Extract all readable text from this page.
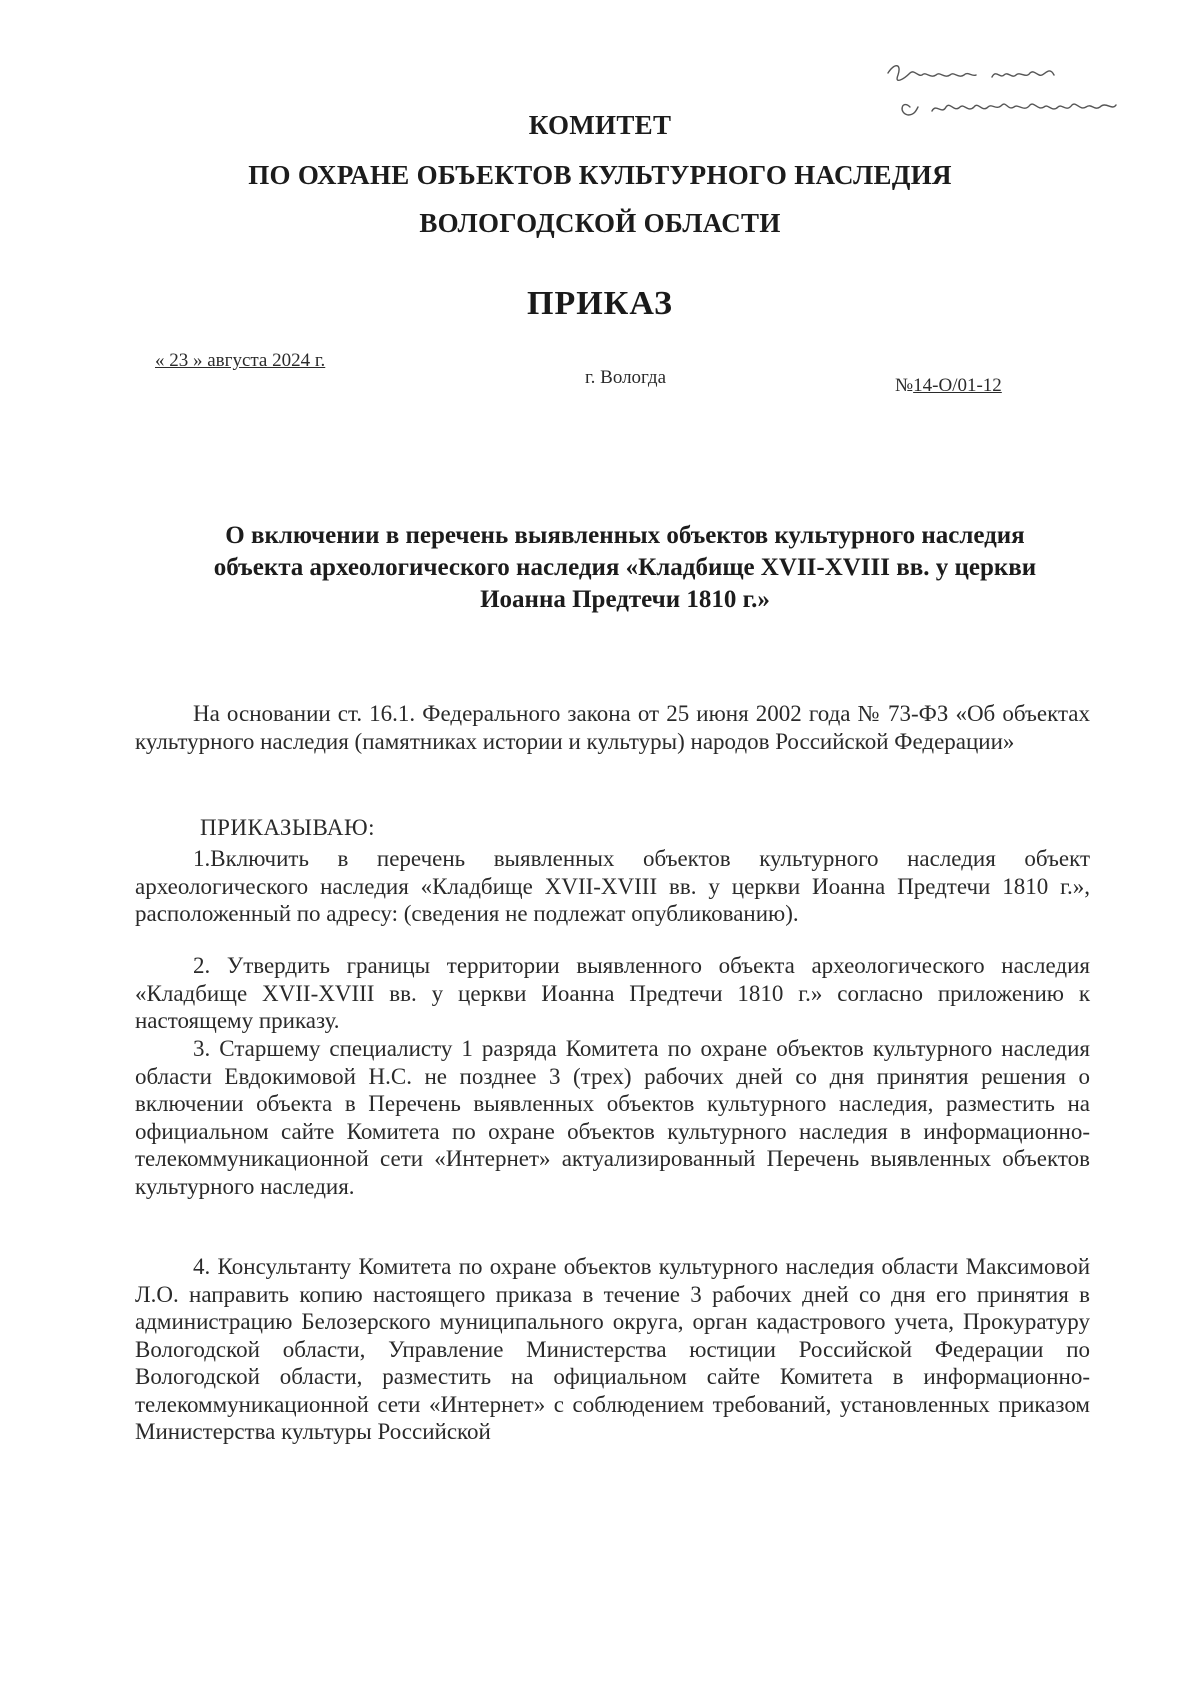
КОМИТЕТ
ПО ОХРАНЕ ОБЪЕКТОВ КУЛЬТУРНОГО НАСЛЕДИЯ
ВОЛОГОДСКОЙ ОБЛАСТИ
ПРИКАЗ
« 23 » августа 2024 г.
г. Вологда	№14-О/01-12
О включении в перечень выявленных объектов культурного наследия
объекта археологического наследия «Кладбище XVII-XVIII вв. у церкви
Иоанна Предтечи 1810 г.»
На основании ст. 16.1. Федерального закона от 25 июня 2002 года № 73-ФЗ «Об объектах культурного наследия (памятниках истории и культуры) народов Российской Федерации»
ПРИКАЗЫВАЮ:
1.Включить в перечень выявленных объектов культурного наследия объект археологического наследия «Кладбище XVII-XVIII вв. у церкви Иоанна Предтечи 1810 г.», расположенный по адресу: (сведения не подлежат опубликованию).
2. Утвердить границы территории выявленного объекта археологического наследия «Кладбище XVII-XVIII вв. у церкви Иоанна Предтечи 1810 г.» согласно приложению к настоящему приказу.
3. Старшему специалисту 1 разряда Комитета по охране объектов культурного наследия области Евдокимовой Н.С. не позднее 3 (трех) рабочих дней со дня принятия решения о включении объекта в Перечень выявленных объектов культурного наследия, разместить на официальном сайте Комитета по охране объектов культурного наследия в информационно-телекоммуникационной сети «Интернет» актуализированный Перечень выявленных объектов культурного наследия.
4. Консультанту Комитета по охране объектов культурного наследия области Максимовой Л.О. направить копию настоящего приказа в течение 3 рабочих дней со дня его принятия в администрацию Белозерского муниципального округа, орган кадастрового учета, Прокуратуру Вологодской области, Управление Министерства юстиции Российской Федерации по Вологодской области, разместить на официальном сайте Комитета в информационно-телекоммуникационной сети «Интернет» с соблюдением требований, установленных приказом Министерства культуры Российской
